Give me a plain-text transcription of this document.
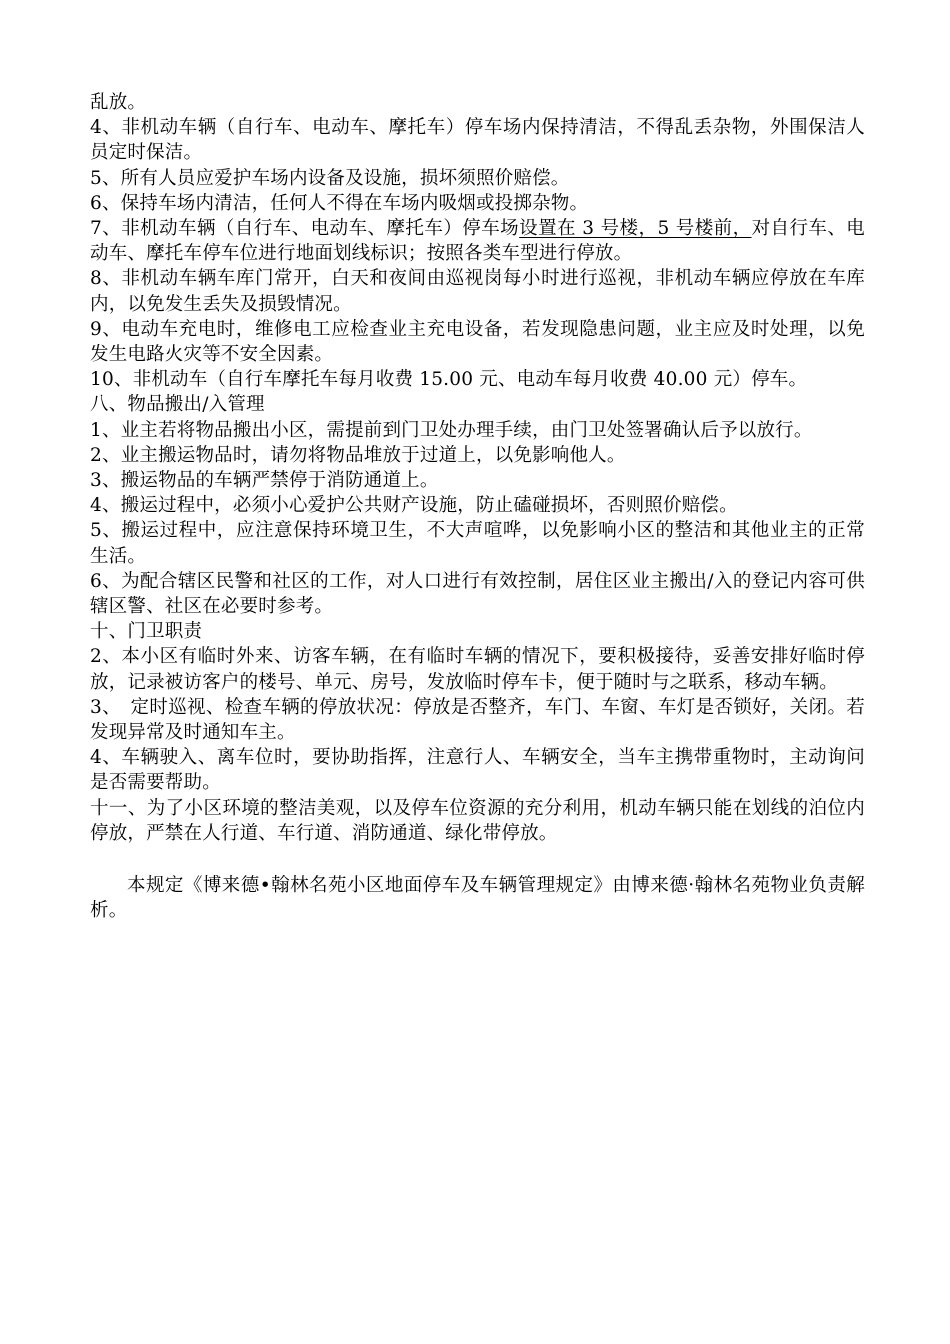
乱放。

4、非机动车辆（自行车、电动车、摩托车）停车场内保持清洁，不得乱丢杂物，外围保洁人员定时保洁。

5、所有人员应爱护车场内设备及设施，损坏须照价赔偿。

6、保持车场内清洁，任何人不得在车场内吸烟或投掷杂物。

7、非机动车辆（自行车、电动车、摩托车）停车场设置在 3 号楼，5 号楼前，对自行车、电动车、摩托车停车位进行地面划线标识；按照各类车型进行停放。

8、非机动车辆车库门常开，白天和夜间由巡视岗每小时进行巡视，非机动车辆应停放在车库内，以免发生丢失及损毁情况。

9、电动车充电时，维修电工应检查业主充电设备，若发现隐患问题，业主应及时处理，以免发生电路火灾等不安全因素。

10、非机动车（自行车摩托车每月收费 15.00 元、电动车每月收费 40.00 元）停车。

八、物品搬出/入管理

1、业主若将物品搬出小区，需提前到门卫处办理手续，由门卫处签署确认后予以放行。

2、业主搬运物品时，请勿将物品堆放于过道上，以免影响他人。

3、搬运物品的车辆严禁停于消防通道上。

4、搬运过程中，必须小心爱护公共财产设施，防止磕碰损坏，否则照价赔偿。

5、搬运过程中，应注意保持环境卫生，不大声喧哗，以免影响小区的整洁和其他业主的正常生活。

6、为配合辖区民警和社区的工作，对人口进行有效控制，居住区业主搬出/入的登记内容可供辖区警、社区在必要时参考。

十、门卫职责

2、本小区有临时外来、访客车辆，在有临时车辆的情况下，要积极接待，妥善安排好临时停放，记录被访客户的楼号、单元、房号，发放临时停车卡，便于随时与之联系，移动车辆。

3、　定时巡视、检查车辆的停放状况：停放是否整齐，车门、车窗、车灯是否锁好，关闭。若发现异常及时通知车主。

4、车辆驶入、离车位时，要协助指挥，注意行人、车辆安全，当车主携带重物时，主动询问是否需要帮助。

十一、为了小区环境的整洁美观，以及停车位资源的充分利用，机动车辆只能在划线的泊位内停放，严禁在人行道、车行道、消防通道、绿化带停放。

本规定《博来德•翰林名苑小区地面停车及车辆管理规定》由博来德·翰林名苑物业负责解析。
